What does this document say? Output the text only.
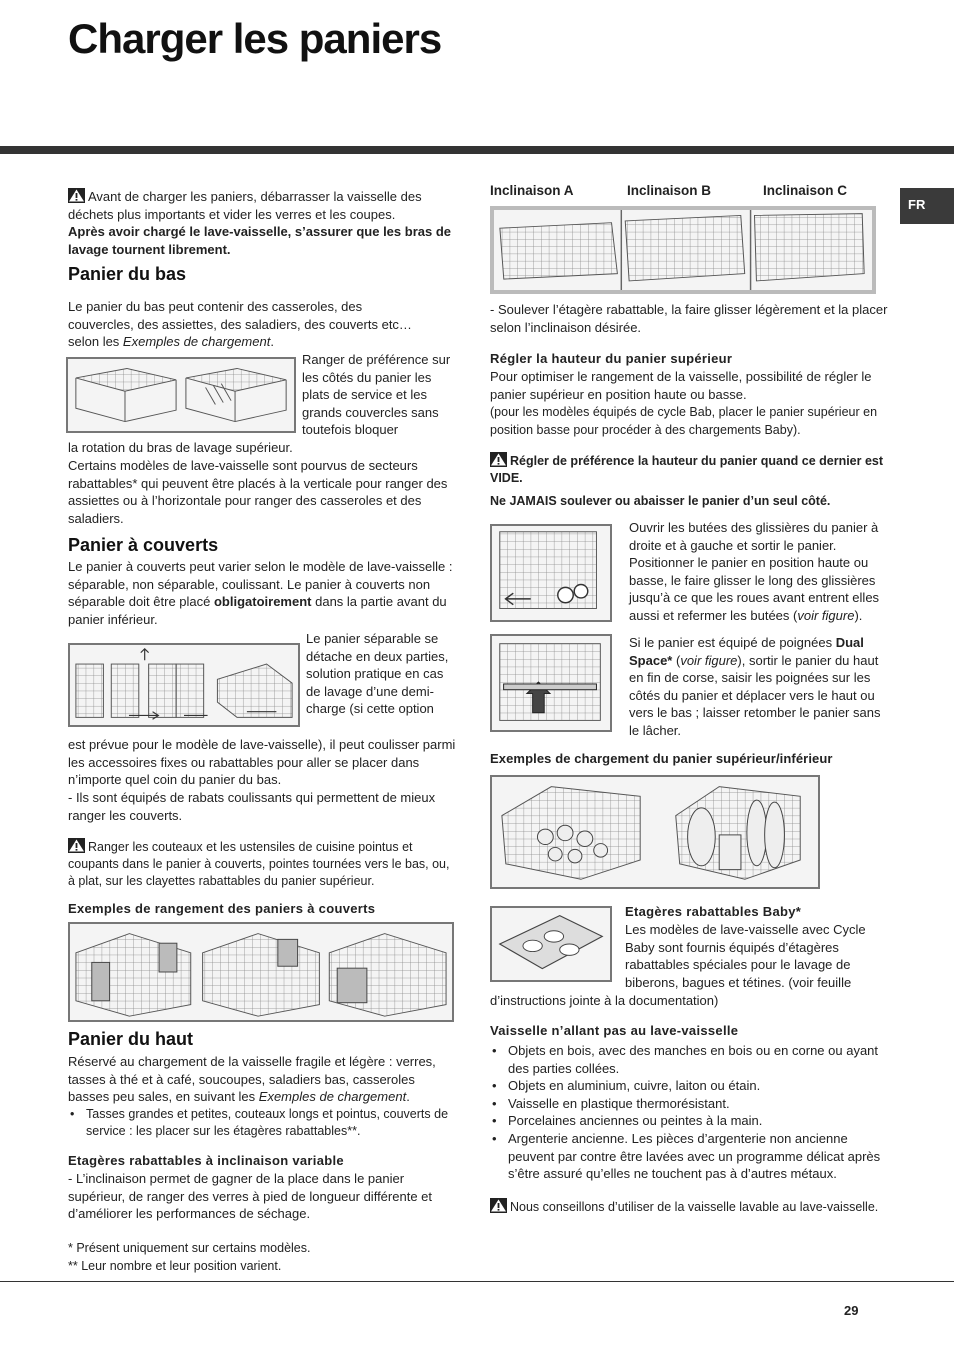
Charger les paniers
FR

Avant de charger les paniers, débarrasser la vaisselle des déchets plus importants et vider les verres et les coupes.

Après avoir chargé le lave-vaisselle, s’assurer que les bras de lavage tournent librement.

Panier du bas

Le panier du bas peut contenir des casseroles, des couvercles, des assiettes, des saladiers, des couverts etc…selon les Exemples de chargement.

Ranger de préférence sur les côtés du panier les plats de service et les grands couvercles sans toutefois bloquer
la rotation du bras de lavage supérieur.
Certains modèles de lave-vaisselle sont pourvus de secteurs rabattables* qui peuvent être placés à la verticale pour ranger des assiettes ou à l’horizontale pour ranger des casseroles et des saladiers.
Panier à couverts

Le panier à couverts peut varier selon le modèle de lave-vaisselle : séparable, non séparable, coulissant. Le panier à couverts non séparable doit être placé obligatoirement dans la partie avant du panier inférieur.

Le panier séparable se détache en deux parties, solution pratique en cas de lavage d’une demi-charge (si cette option
est prévue pour le modèle de lave-vaisselle), il peut coulisser parmi les accessoires fixes ou rabattables pour aller se placer dans n’importe quel coin du panier du bas.
- Ils sont équipés de rabats coulissants qui permettent de mieux ranger les couverts.

Ranger les couteaux et les ustensiles de cuisine pointus et coupants dans le panier à couverts, pointes tournées vers le bas, ou, à plat, sur les clayettes rabattables du panier supérieur.

Exemples de rangement des paniers à couverts
Panier du haut

Réservé au chargement de la vaisselle fragile et légère : verres, tasses à thé et à café, soucoupes, saladiers bas, casseroles basses peu sales, en suivant les Exemples de chargement.

• Tasses grandes et petites, couteaux longs et pointus, couverts de service : les placer sur les étagères rabattables**.
Etagères rabattables à inclinaison variable
- L’inclinaison permet de gagner de la place dans le panier supérieur, de ranger des verres à pied de longueur différente et d’améliorer les performances de séchage.
* Présent uniquement sur certains modèles.
** Leur nombre et leur position varient.
Inclinaison A	Inclinaison B	Inclinaison C
- Soulever l’étagère rabattable, la faire glisser légèrement et la placer selon l’inclinaison désirée.
Régler la hauteur du panier supérieur
Pour optimiser le rangement de la vaisselle, possibilité de régler le panier supérieur en position haute ou basse.
(pour les modèles équipés de cycle Bab, placer le panier supérieur en position basse pour procéder à des chargements Baby).

Régler de préférence la hauteur du panier quand ce dernier est VIDE.

Ne JAMAIS soulever ou abaisser le panier d’un seul côté.

Ouvrir les butées des glissières du panier à droite et à gauche et sortir le panier. Positionner le panier en position haute ou basse, le faire glisser le long des glissières jusqu’à ce que les roues avant entrent elles aussi et refermer les butées (voir figure).

Si le panier est équipé de poignées Dual Space* (voir figure), sortir le panier du haut en fin de corse, saisir les poignées sur les côtés du panier et déplacer vers le haut ou vers le bas ; laisser retomber le panier sans le lâcher.

Exemples de chargement du panier supérieur/inférieur
Etagères rabattables Baby*
Les modèles de lave-vaisselle avec Cycle Baby sont fournis équipés d’étagères rabattables spéciales pour le lavage de biberons, bagues et tétines. (voir feuille
d’instructions jointe à la documentation)
Vaisselle n’allant pas au lave-vaisselle
• Objets en bois, avec des manches en bois ou en corne ou ayant des parties collées.
• Objets en aluminium, cuivre, laiton ou étain.
• Vaisselle en plastique thermorésistant.
• Porcelaines anciennes ou peintes à la main.
• Argenterie ancienne. Les pièces d’argenterie non ancienne peuvent par contre être lavées avec un programme délicat après s’être assuré qu’elles ne touchent pas à d’autres métaux.

Nous conseillons d’utiliser de la vaisselle lavable au lave-vaisselle.

29
